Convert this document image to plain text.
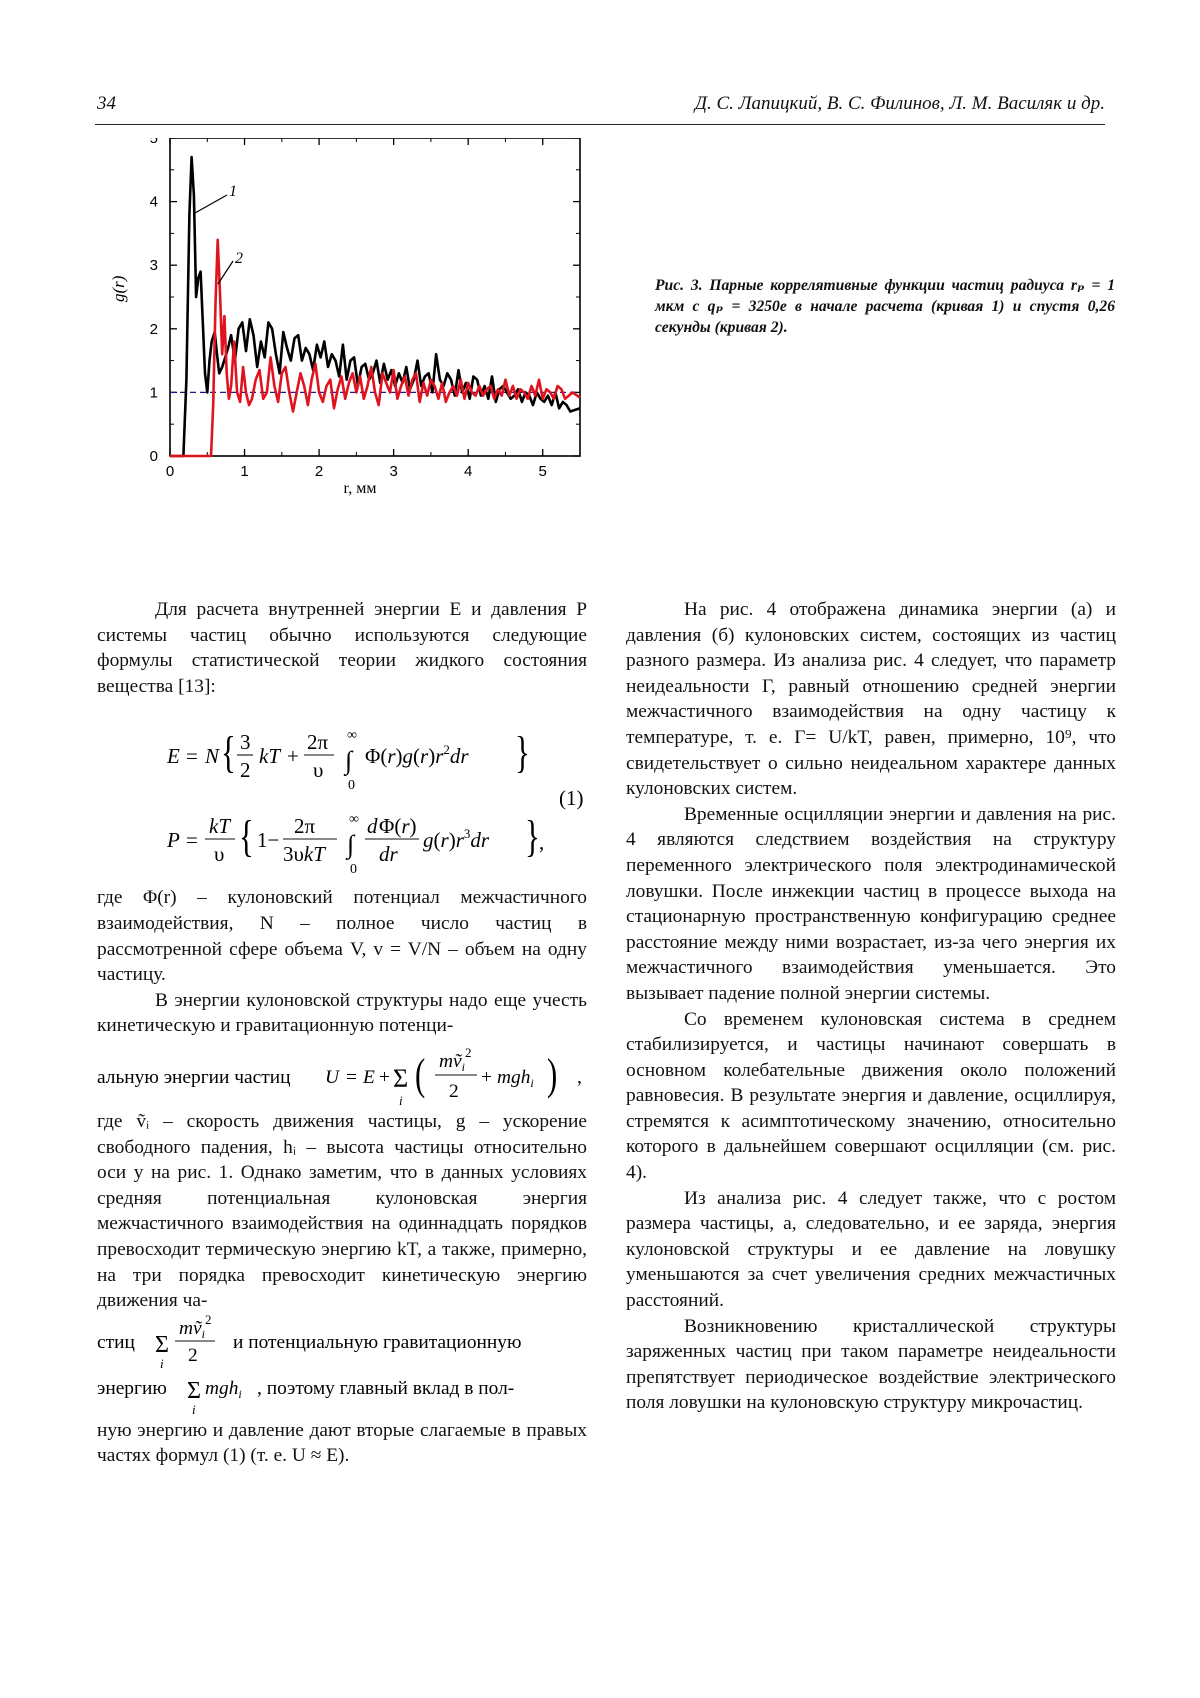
34	Д. С. Лапицкий, В. С. Филинов, Л. М. Василяк и др.
0	1	2	3	4	5
0
1
2
3
4
5
1
2
g(r)
r, мм
Рис. 3. Парные коррелятивные функции частиц радиуса rₚ = 1 мкм с qₚ = 3250e в начале расчета (кривая 1) и спустя 0,26 секунды (кривая 2).

Для расчета внутренней энергии E и давления P системы частиц обычно используются следующие формулы статистической теории жидкого состояния вещества [13]:

E = N { 3
2
kT +
2π
υ
∞
∫
0
$\Phi(r)g(r)r^2dr$ }
P =
kT
υ { 1−
2π
3υkT
∞
∫
0
d Φ(r)
dr
$g(r)r^3dr$ } ,
(1)

где Φ(r) – кулоновский потенциал межчастичного взаимодействия, N – полное число частиц в рассмотренной сфере объема V, v = V/N – объем на одну частицу.

В энергии кулоновской структуры надо еще учесть кинетическую и гравитационную потенци-

альную энергии частиц U = E + Σ
i
( mṽ$_i^2$
2
+ mgh$_i$ ) ,

где ṽᵢ – скорость движения частицы, g – ускорение свободного падения, hᵢ – высота частицы относительно оси y на рис. 1. Однако заметим, что в данных условиях средняя потенциальная кулоновская энергия межчастичного взаимодействия на одиннадцать порядков превосходит термическую энергию kT, а также, примерно, на три порядка превосходит кинетическую энергию движения ча-

стиц Σ
i
mṽ$_i^2$
2
и потенциальную гравитационную
энергию Σ
i
mgh$_i$ , поэтому главный вклад в пол-

ную энергию и давление дают вторые слагаемые в правых частях формул (1) (т. е. U ≈ E).

На рис. 4 отображена динамика энергии (а) и давления (б) кулоновских систем, состоящих из частиц разного размера. Из анализа рис. 4 следует, что параметр неидеальности Γ, равный отношению средней энергии межчастичного взаимодействия на одну частицу к температуре, т. е. Γ= U/kT, равен, примерно, 10⁹, что свидетельствует о сильно неидеальном характере данных кулоновских систем.

Временные осцилляции энергии и давления на рис. 4 являются следствием воздействия на структуру переменного электрического поля электродинамической ловушки. После инжекции частиц в процессе выхода на стационарную пространственную конфигурацию среднее расстояние между ними возрастает, из-за чего энергия их межчастичного взаимодействия уменьшается. Это вызывает падение полной энергии системы.

Со временем кулоновская система в среднем стабилизируется, и частицы начинают совершать в основном колебательные движения около положений равновесия. В результате энергия и давление, осциллируя, стремятся к асимптотическому значению, относительно которого в дальнейшем совершают осцилляции (см. рис. 4).

Из анализа рис. 4 следует также, что с ростом размера частицы, а, следовательно, и ее заряда, энергия кулоновской структуры и ее давление на ловушку уменьшаются за счет увеличения средних межчастичных расстояний.

Возникновению кристаллической структуры заряженных частиц при таком параметре неидеальности препятствует периодическое воздействие электрического поля ловушки на кулоновскую структуру микрочастиц.
